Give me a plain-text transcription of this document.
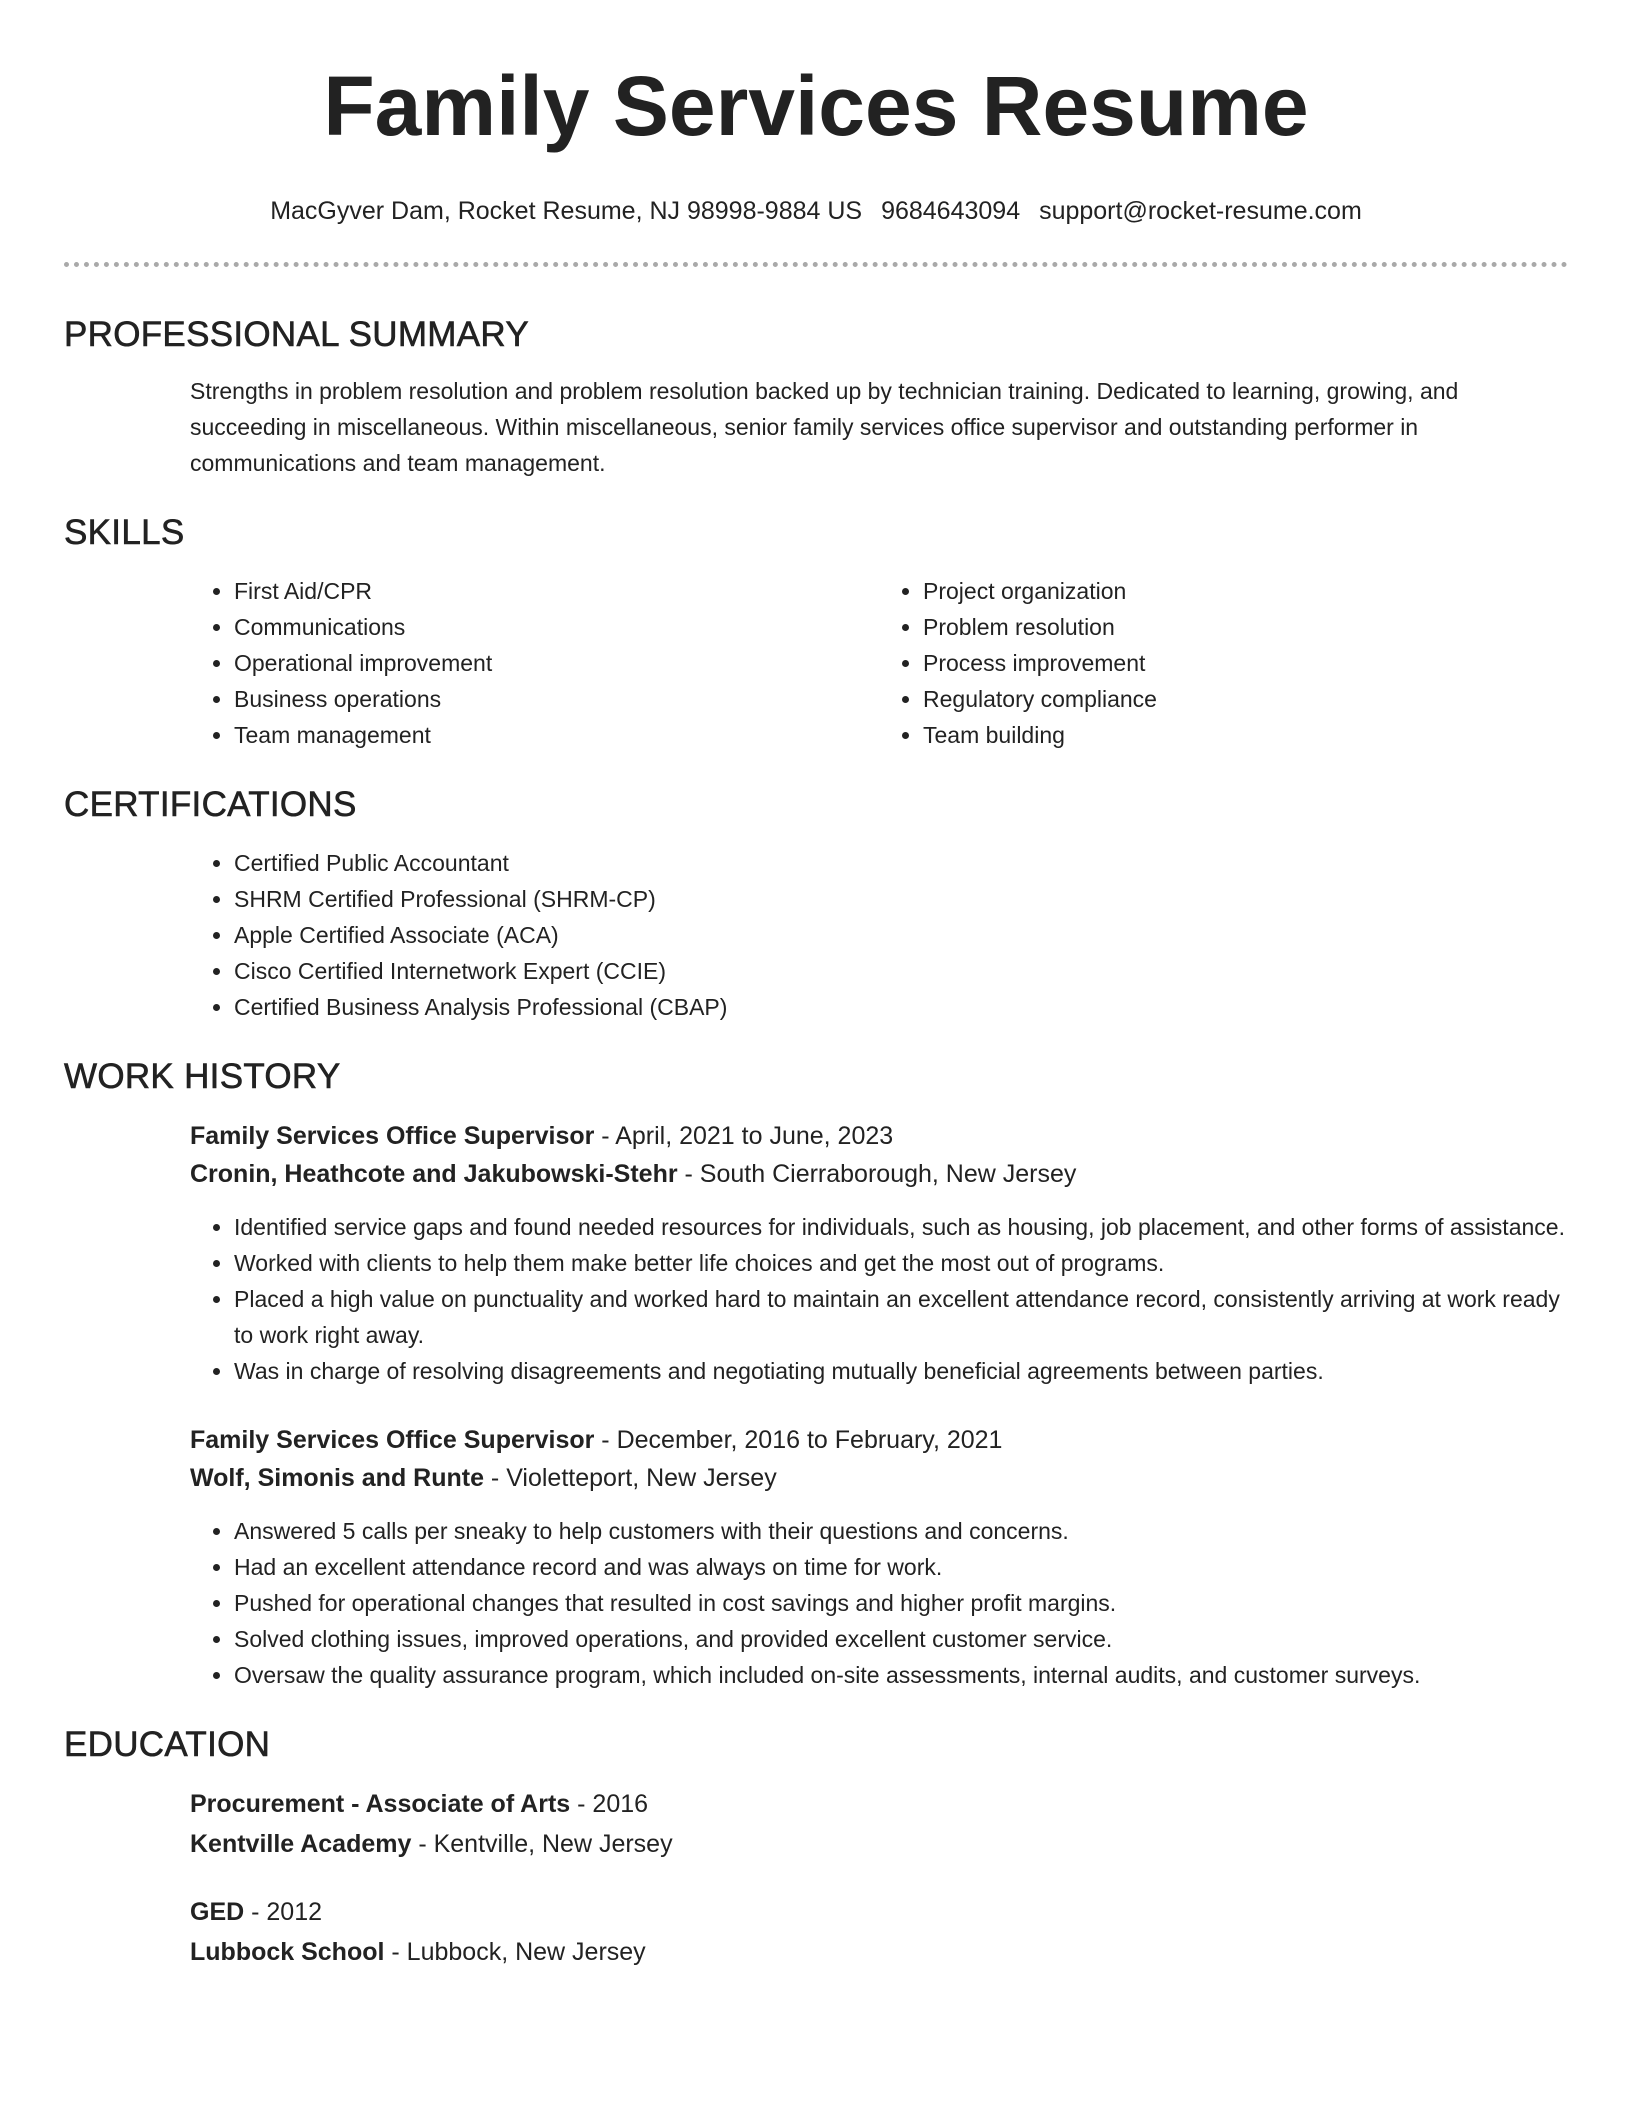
Family Services Resume
MacGyver Dam, Rocket Resume, NJ 98998-9884 US 9684643094 support@rocket-resume.com
PROFESSIONAL SUMMARY

Strengths in problem resolution and problem resolution backed up by technician training. Dedicated to learning, growing, and succeeding in miscellaneous. Within miscellaneous, senior family services office supervisor and outstanding performer in communications and team management.

SKILLS
• First Aid/CPR
• Communications
• Operational improvement
• Business operations
• Team management
• Project organization
• Problem resolution
• Process improvement
• Regulatory compliance
• Team building
CERTIFICATIONS
• Certified Public Accountant
• SHRM Certified Professional (SHRM-CP)
• Apple Certified Associate (ACA)
• Cisco Certified Internetwork Expert (CCIE)
• Certified Business Analysis Professional (CBAP)
WORK HISTORY
Family Services Office Supervisor - April, 2021 to June, 2023
Cronin, Heathcote and Jakubowski-Stehr - South Cierraborough, New Jersey
• Identified service gaps and found needed resources for individuals, such as housing, job placement, and other forms of assistance.
• Worked with clients to help them make better life choices and get the most out of programs.
• Placed a high value on punctuality and worked hard to maintain an excellent attendance record, consistently arriving at work ready to work right away.
• Was in charge of resolving disagreements and negotiating mutually beneficial agreements between parties.
Family Services Office Supervisor - December, 2016 to February, 2021
Wolf, Simonis and Runte - Violetteport, New Jersey
• Answered 5 calls per sneaky to help customers with their questions and concerns.
• Had an excellent attendance record and was always on time for work.
• Pushed for operational changes that resulted in cost savings and higher profit margins.
• Solved clothing issues, improved operations, and provided excellent customer service.
• Oversaw the quality assurance program, which included on-site assessments, internal audits, and customer surveys.
EDUCATION
Procurement - Associate of Arts - 2016
Kentville Academy - Kentville, New Jersey
GED - 2012
Lubbock School - Lubbock, New Jersey
